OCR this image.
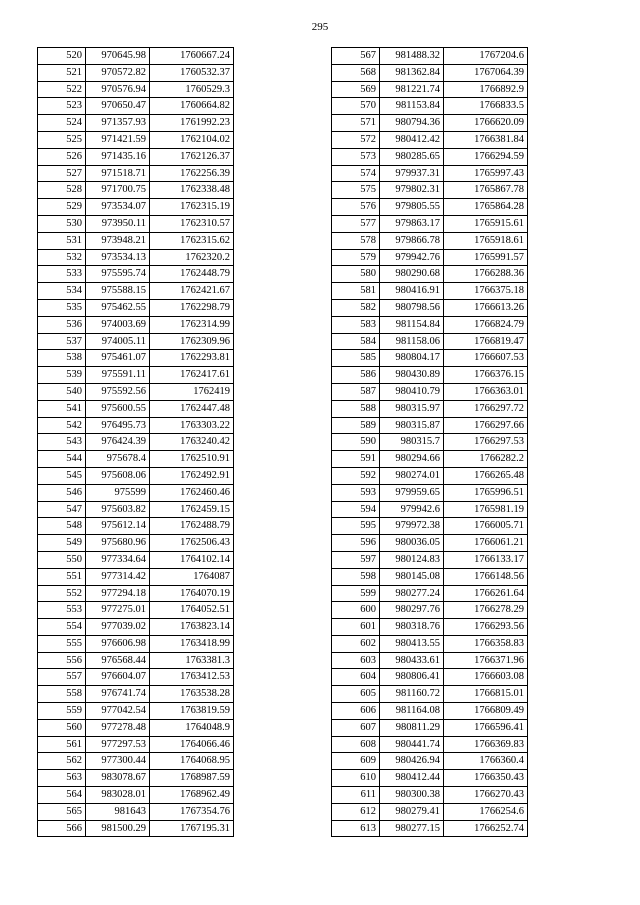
295
520	970645.98	1760667.24
521	970572.82	1760532.37
522	970576.94	1760529.3
523	970650.47	1760664.82
524	971357.93	1761992.23
525	971421.59	1762104.02
526	971435.16	1762126.37
527	971518.71	1762256.39
528	971700.75	1762338.48
529	973534.07	1762315.19
530	973950.11	1762310.57
531	973948.21	1762315.62
532	973534.13	1762320.2
533	975595.74	1762448.79
534	975588.15	1762421.67
535	975462.55	1762298.79
536	974003.69	1762314.99
537	974005.11	1762309.96
538	975461.07	1762293.81
539	975591.11	1762417.61
540	975592.56	1762419
541	975600.55	1762447.48
542	976495.73	1763303.22
543	976424.39	1763240.42
544	975678.4	1762510.91
545	975608.06	1762492.91
546	975599	1762460.46
547	975603.82	1762459.15
548	975612.14	1762488.79
549	975680.96	1762506.43
550	977334.64	1764102.14
551	977314.42	1764087
552	977294.18	1764070.19
553	977275.01	1764052.51
554	977039.02	1763823.14
555	976606.98	1763418.99
556	976568.44	1763381.3
557	976604.07	1763412.53
558	976741.74	1763538.28
559	977042.54	1763819.59
560	977278.48	1764048.9
561	977297.53	1764066.46
562	977300.44	1764068.95
563	983078.67	1768987.59
564	983028.01	1768962.49
565	981643	1767354.76
566	981500.29	1767195.31
567	981488.32	1767204.6
568	981362.84	1767064.39
569	981221.74	1766892.9
570	981153.84	1766833.5
571	980794.36	1766620.09
572	980412.42	1766381.84
573	980285.65	1766294.59
574	979937.31	1765997.43
575	979802.31	1765867.78
576	979805.55	1765864.28
577	979863.17	1765915.61
578	979866.78	1765918.61
579	979942.76	1765991.57
580	980290.68	1766288.36
581	980416.91	1766375.18
582	980798.56	1766613.26
583	981154.84	1766824.79
584	981158.06	1766819.47
585	980804.17	1766607.53
586	980430.89	1766376.15
587	980410.79	1766363.01
588	980315.97	1766297.72
589	980315.87	1766297.66
590	980315.7	1766297.53
591	980294.66	1766282.2
592	980274.01	1766265.48
593	979959.65	1765996.51
594	979942.6	1765981.19
595	979972.38	1766005.71
596	980036.05	1766061.21
597	980124.83	1766133.17
598	980145.08	1766148.56
599	980277.24	1766261.64
600	980297.76	1766278.29
601	980318.76	1766293.56
602	980413.55	1766358.83
603	980433.61	1766371.96
604	980806.41	1766603.08
605	981160.72	1766815.01
606	981164.08	1766809.49
607	980811.29	1766596.41
608	980441.74	1766369.83
609	980426.94	1766360.4
610	980412.44	1766350.43
611	980300.38	1766270.43
612	980279.41	1766254.6
613	980277.15	1766252.74
